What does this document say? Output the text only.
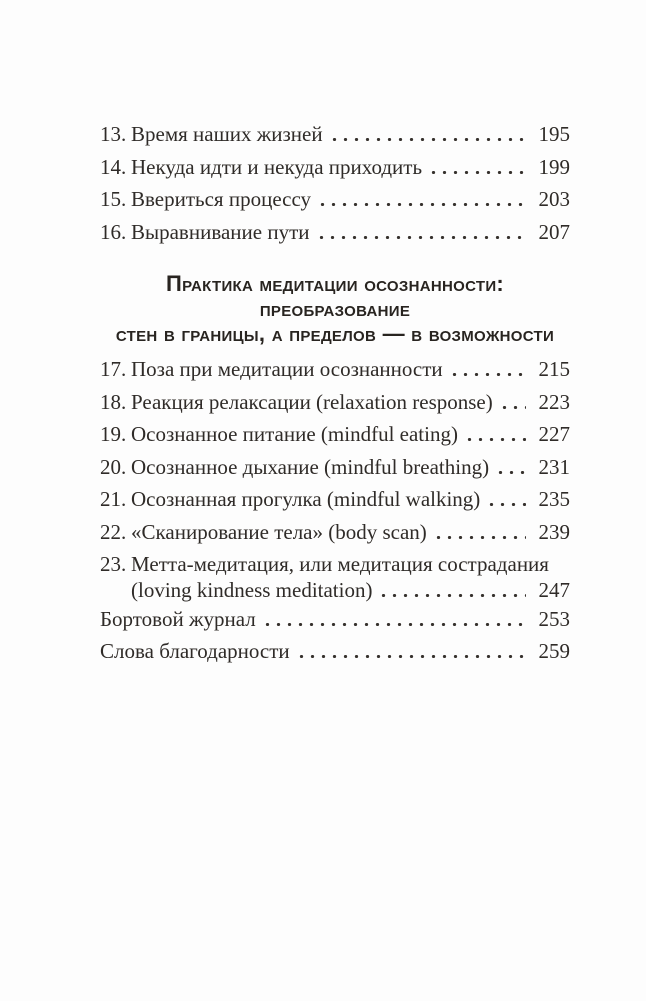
13. Время наших жизней	195
14. Некуда идти и некуда приходить	199
15. Ввериться процессу	203
16. Выравнивание пути	207
Практика медитации осознанности: преобразование
стен в границы, а пределов — в возможности
17. Поза при медитации осознанности	215
18. Реакция релаксации (relaxation response) 223
19. Осознанное питание (mindful eating)	227
20. Осознанное дыхание (mindful breathing) 231
21. Осознанная прогулка (mindful walking)	235
22. «Сканирование тела» (body scan)	239
23. Метта-медитация, или медитация сострадания
(loving kindness meditation)	247
Бортовой журнал	253
Слова благодарности	259
